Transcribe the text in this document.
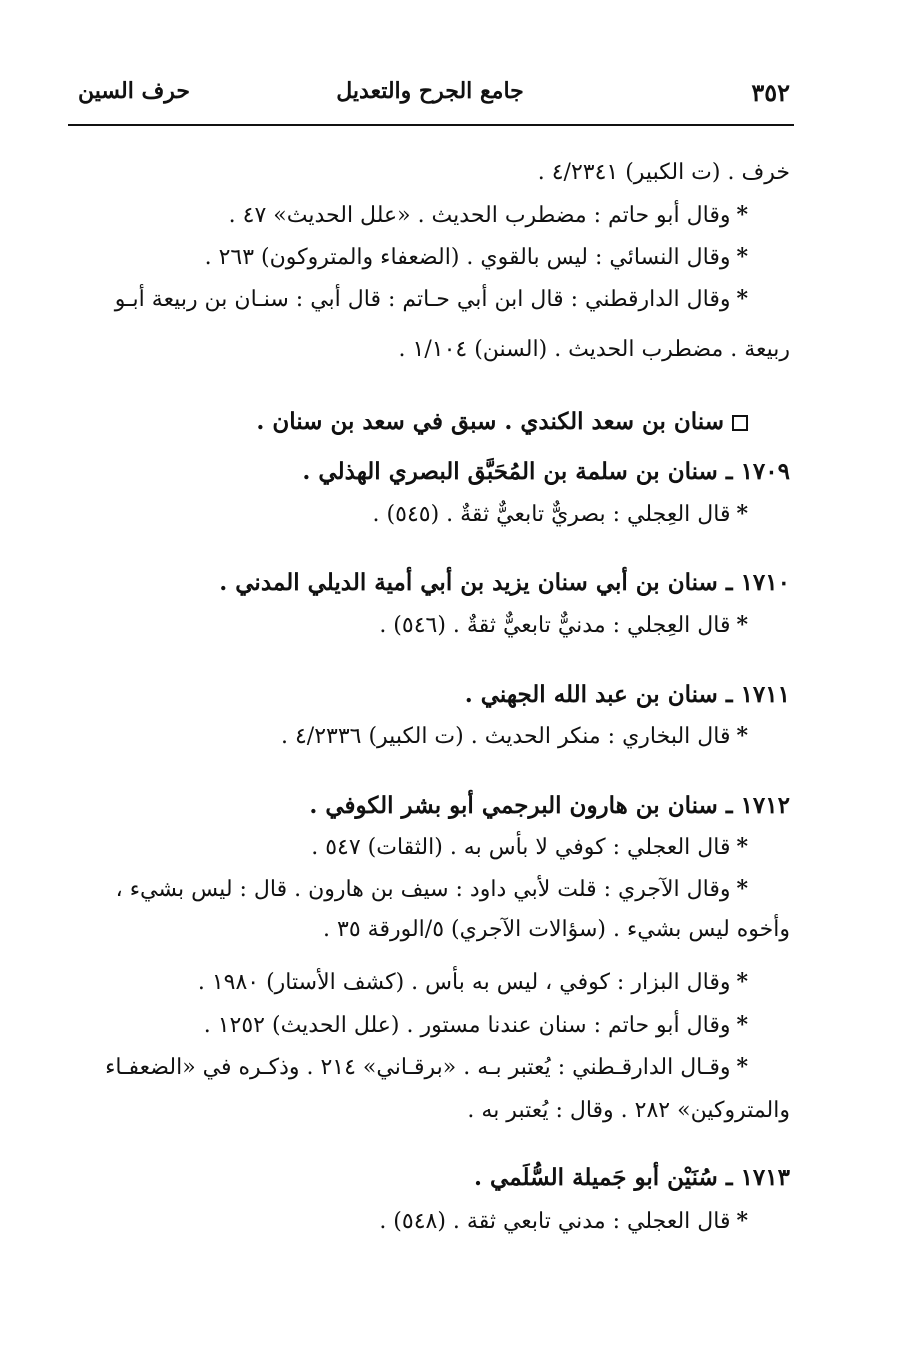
٣٥٢
جامع الجرح والتعديل
حرف السين
خرف . (ت الكبير) ٤/٢٣٤١ .
*وقال أبو حاتم : مضطرب الحديث . «علل الحديث» ٤٧ .
*وقال النسائي : ليس بالقوي . (الضعفاء والمتروكون) ٢٦٣ .
*وقال الدارقطني : قال ابن أبي حـاتم : قال أبي : سنـان بن ربيعة أبـو
ربيعة . مضطرب الحديث . (السنن) ١/١٠٤ .
سنان بن سعد الكندي . سبق في سعد بن سنان .
١٧٠٩ ـ سنان بن سلمة بن المُحَبَّق البصري الهذلي .
*قال العِجلي : بصريٌّ تابعيٌّ ثقةٌ . (٥٤٥) .
١٧١٠ ـ سنان بن أبي سنان يزيد بن أبي أمية الديلي المدني .
*قال العِجلي : مدنيٌّ تابعيٌّ ثقةٌ . (٥٤٦) .
١٧١١ ـ سنان بن عبد الله الجهني .
*قال البخاري : منكر الحديث . (ت الكبير) ٤/٢٣٣٦ .
١٧١٢ ـ سنان بن هارون البرجمي أبو بشر الكوفي .
*قال العجلي : كوفي لا بأس به . (الثقات) ٥٤٧ .
*وقال الآجري : قلت لأبي داود : سيف بن هارون . قال : ليس بشيء ،
وأخوه ليس بشيء . (سؤالات الآجري) ٥/الورقة ٣٥ .
*وقال البزار : كوفي ، ليس به بأس . (كشف الأستار) ١٩٨٠ .
*وقال أبو حاتم : سنان عندنا مستور . (علل الحديث) ١٢٥٢ .
*وقـال الدارقـطني : يُعتبر بـه . «برقـاني» ٢١٤ . وذكـره في «الضعفـاء
والمتروكين» ٢٨٢ . وقال : يُعتبر به .
١٧١٣ ـ سُنَيْن أبو جَميلة السُّلَمي .
*قال العجلي : مدني تابعي ثقة . (٥٤٨) .
